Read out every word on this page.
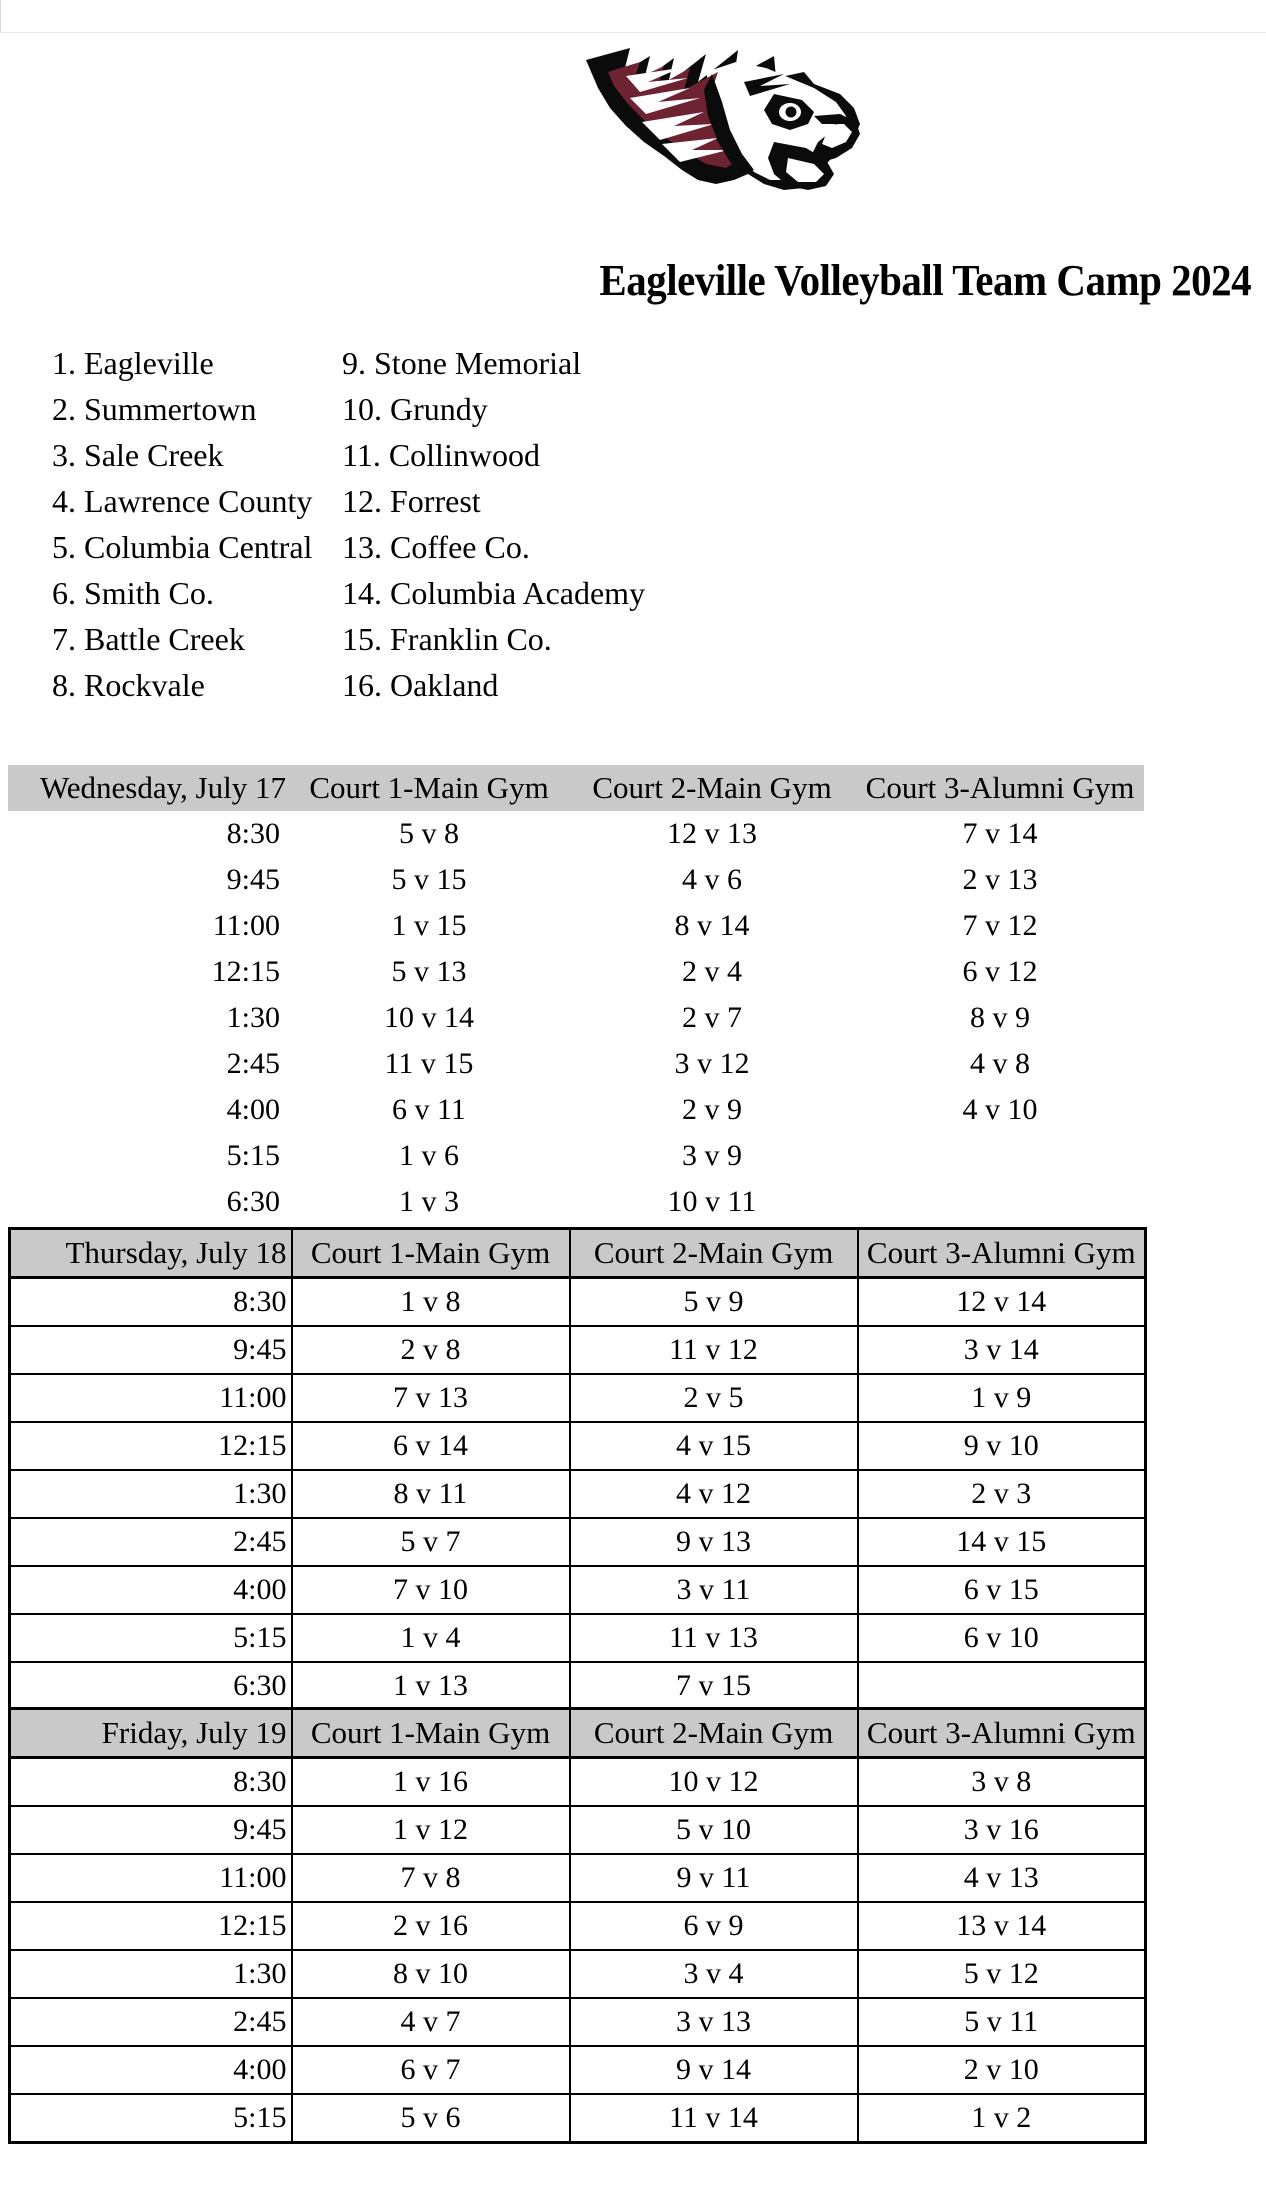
Eagleville Volleyball Team Camp 2024
1. Eagleville	9. Stone Memorial
2. Summertown	10. Grundy
3. Sale Creek	11. Collinwood
4. Lawrence County 12. Forrest
5. Columbia Central 13. Coffee Co.
6. Smith Co.	14. Columbia Academy
7. Battle Creek	15. Franklin Co.
8. Rockvale	16. Oakland
Wednesday, July 17	Court 1-Main Gym	Court 2-Main Gym	Court 3-Alumni Gym
8:30	5 v 8	12 v 13	7 v 14
9:45	5 v 15	4 v 6	2 v 13
11:00	1 v 15	8 v 14	7 v 12
12:15	5 v 13	2 v 4	6 v 12
1:30	10 v 14	2 v 7	8 v 9
2:45	11 v 15	3 v 12	4 v 8
4:00	6 v 11	2 v 9	4 v 10
5:15	1 v 6	3 v 9	
6:30	1 v 3	10 v 11	
Thursday, July 18	Court 1-Main Gym	Court 2-Main Gym	Court 3-Alumni Gym
8:30	1 v 8	5 v 9	12 v 14
9:45	2 v 8	11 v 12	3 v 14
11:00	7 v 13	2 v 5	1 v 9
12:15	6 v 14	4 v 15	9 v 10
1:30	8 v 11	4 v 12	2 v 3
2:45	5 v 7	9 v 13	14 v 15
4:00	7 v 10	3 v 11	6 v 15
5:15	1 v 4	11 v 13	6 v 10
6:30	1 v 13	7 v 15	
Friday, July 19	Court 1-Main Gym	Court 2-Main Gym	Court 3-Alumni Gym
8:30	1 v 16	10 v 12	3 v 8
9:45	1 v 12	5 v 10	3 v 16
11:00	7 v 8	9 v 11	4 v 13
12:15	2 v 16	6 v 9	13 v 14
1:30	8 v 10	3 v 4	5 v 12
2:45	4 v 7	3 v 13	5 v 11
4:00	6 v 7	9 v 14	2 v 10
5:15	5 v 6	11 v 14	1 v 2
